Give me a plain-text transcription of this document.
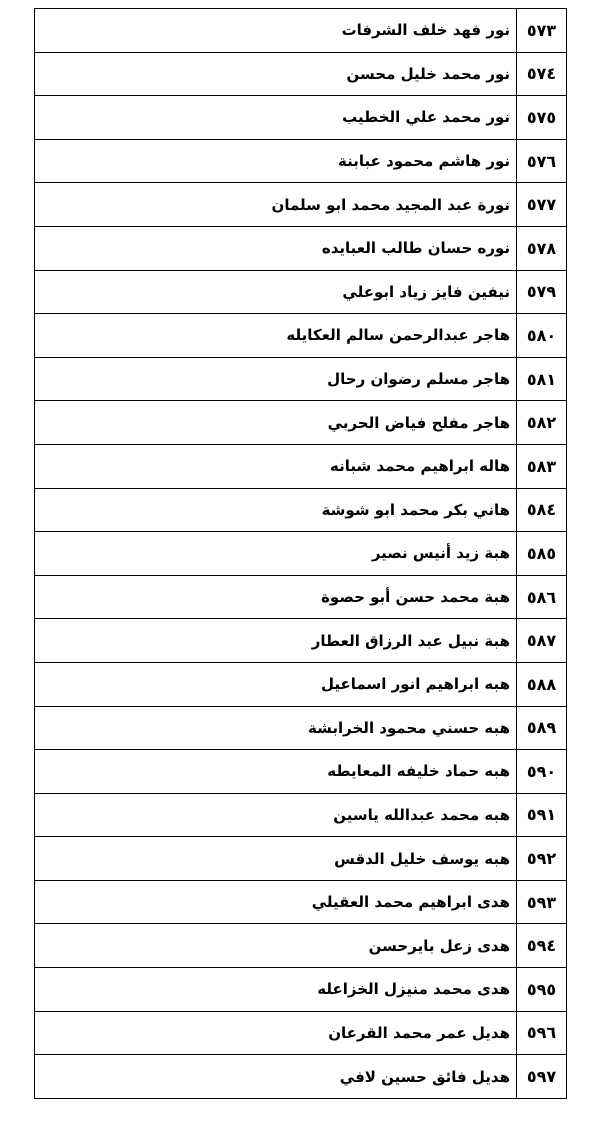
٥٧٣	نور فهد خلف الشرفات
٥٧٤	نور محمد خليل محسن
٥٧٥	نور محمد علي الخطيب
٥٧٦	نور هاشم محمود عبابنة
٥٧٧	نورة عبد المجيد محمد ابو سلمان
٥٧٨	نوره حسان طالب العبايده
٥٧٩	نيفين فايز زياد ابوعلي
٥٨٠	هاجر عبدالرحمن سالم العكايله
٥٨١	هاجر مسلم رضوان رحال
٥٨٢	هاجر مفلح فياض الحربي
٥٨٣	هاله ابراهيم محمد شبانه
٥٨٤	هاني بكر محمد ابو شوشة
٥٨٥	هبة زيد أنيس نصير
٥٨٦	هبة محمد حسن أبو حصوة
٥٨٧	هبة نبيل عبد الرزاق العطار
٥٨٨	هبه ابراهيم انور اسماعيل
٥٨٩	هبه حسني محمود الخرابشة
٥٩٠	هبه حماد خليفه المعايطه
٥٩١	هبه محمد عبدالله ياسين
٥٩٢	هبه يوسف خليل الدقس
٥٩٣	هدى ابراهيم محمد العقيلي
٥٩٤	هدى زعل بايرحسن
٥٩٥	هدى محمد منيزل الخزاعله
٥٩٦	هديل عمر محمد القرعان
٥٩٧	هديل فائق حسين لافي
